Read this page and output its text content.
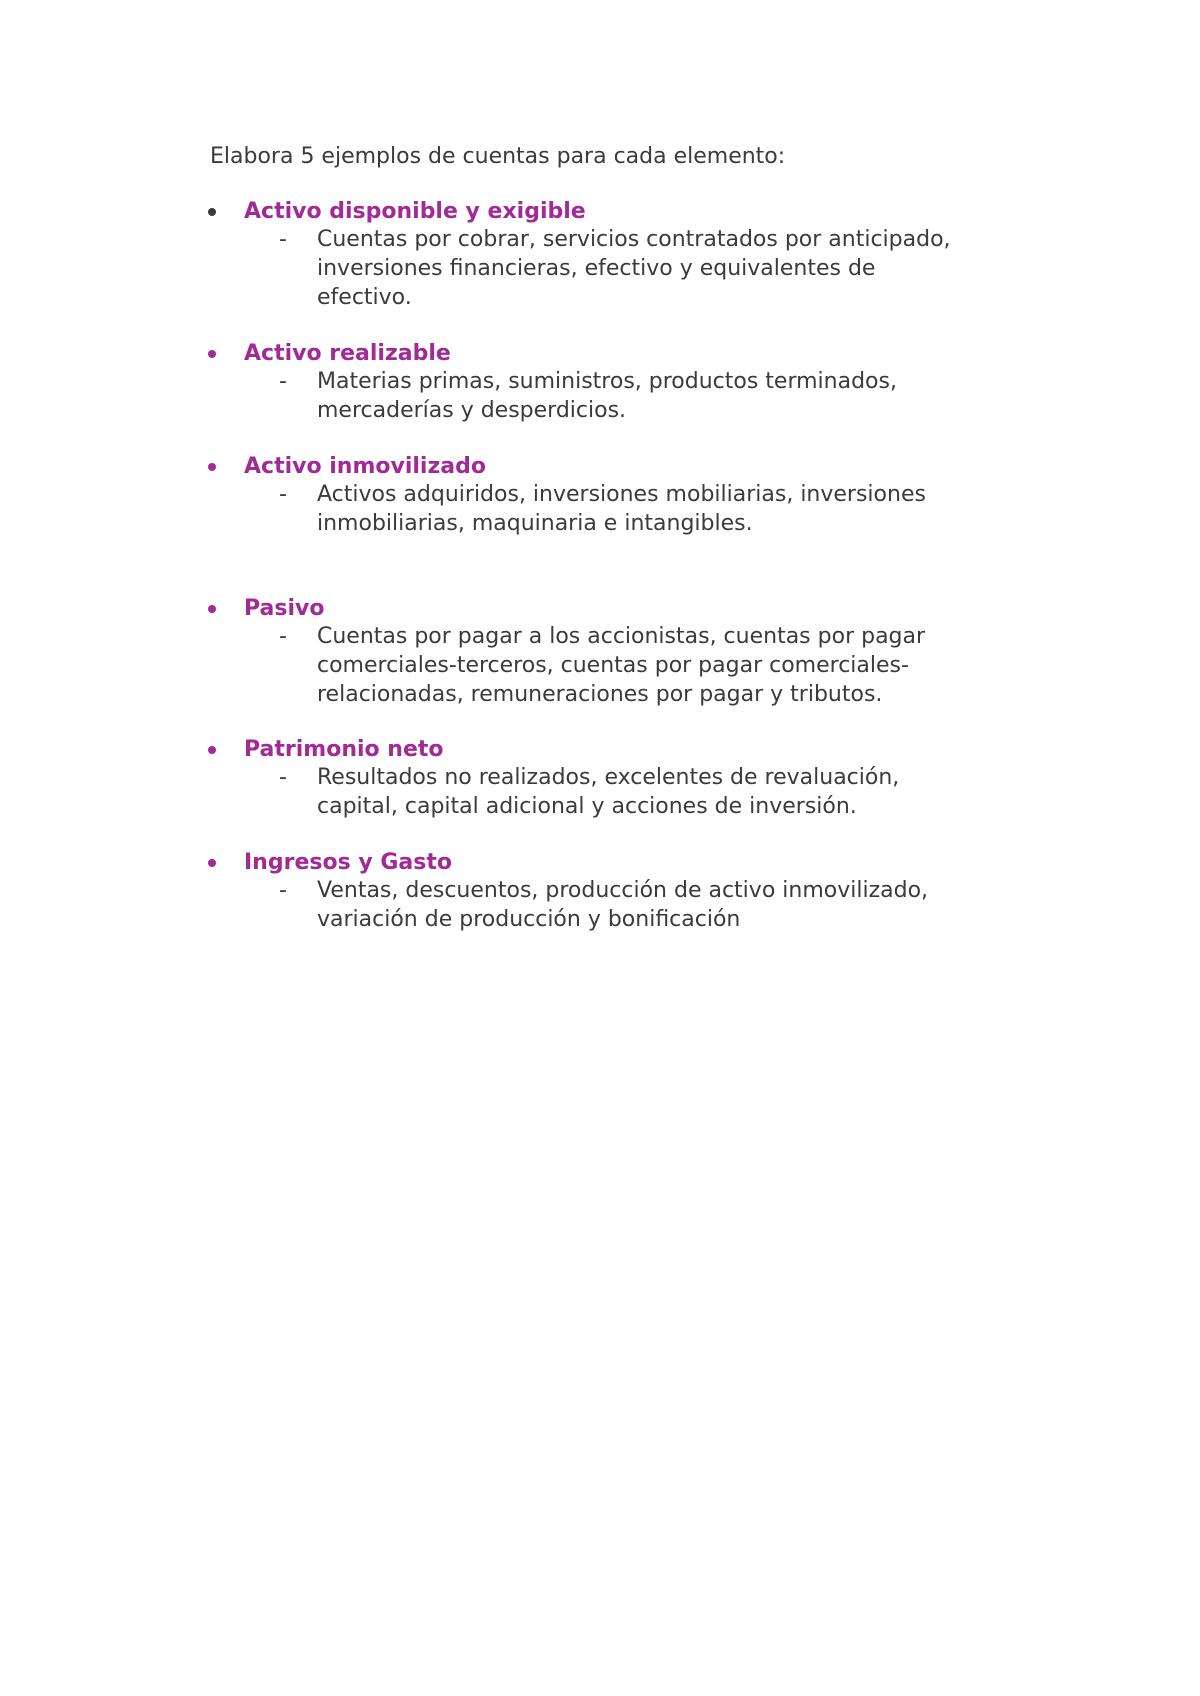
Elabora 5 ejemplos de cuentas para cada elemento:
Activo disponible y exigible
- Cuentas por cobrar, servicios contratados por anticipado,
inversiones financieras, efectivo y equivalentes de
efectivo.
Activo realizable
- Materias primas, suministros, productos terminados,
mercaderías y desperdicios.
Activo inmovilizado
- Activos adquiridos, inversiones mobiliarias, inversiones
inmobiliarias, maquinaria e intangibles.
Pasivo
- Cuentas por pagar a los accionistas, cuentas por pagar
comerciales-terceros, cuentas por pagar comerciales-
relacionadas, remuneraciones por pagar y tributos.
Patrimonio neto
- Resultados no realizados, excelentes de revaluación,
capital, capital adicional y acciones de inversión.
Ingresos y Gasto
- Ventas, descuentos, producción de activo inmovilizado,
variación de producción y bonificación
